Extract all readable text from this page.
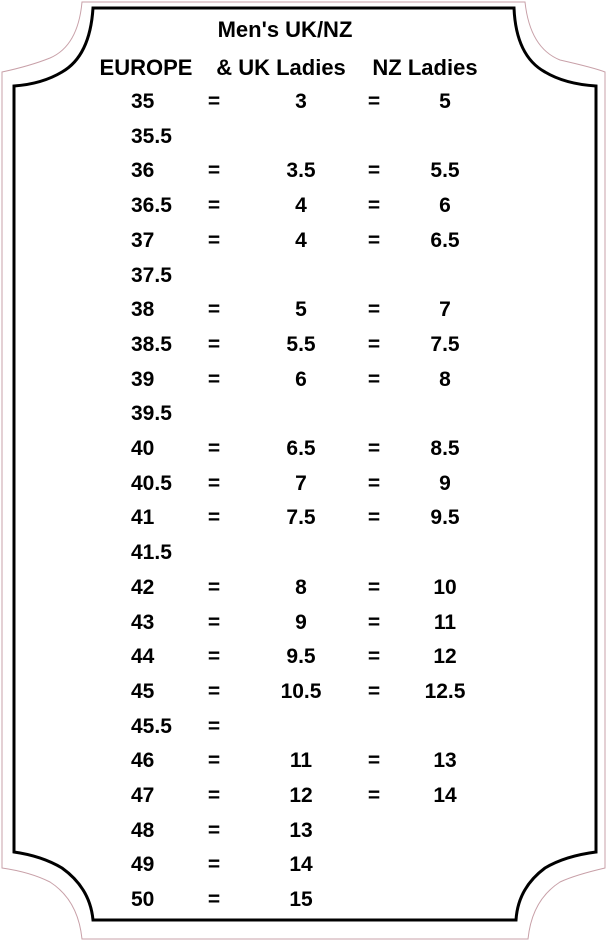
Men's UK/NZ
EUROPE	& UK Ladies	NZ Ladies
35	=	3	=	5
35.5
36	=	3.5	=	5.5
36.5	=	4	=	6
37	=	4	=	6.5
37.5
38	=	5	=	7
38.5	=	5.5	=	7.5
39	=	6	=	8
39.5
40	=	6.5	=	8.5
40.5	=	7	=	9
41	=	7.5	=	9.5
41.5
42	=	8	=	10
43	=	9	=	11
44	=	9.5	=	12
45	=	10.5	=	12.5
45.5	=
46	=	11	=	13
47	=	12	=	14
48	=	13
49	=	14
50	=	15
